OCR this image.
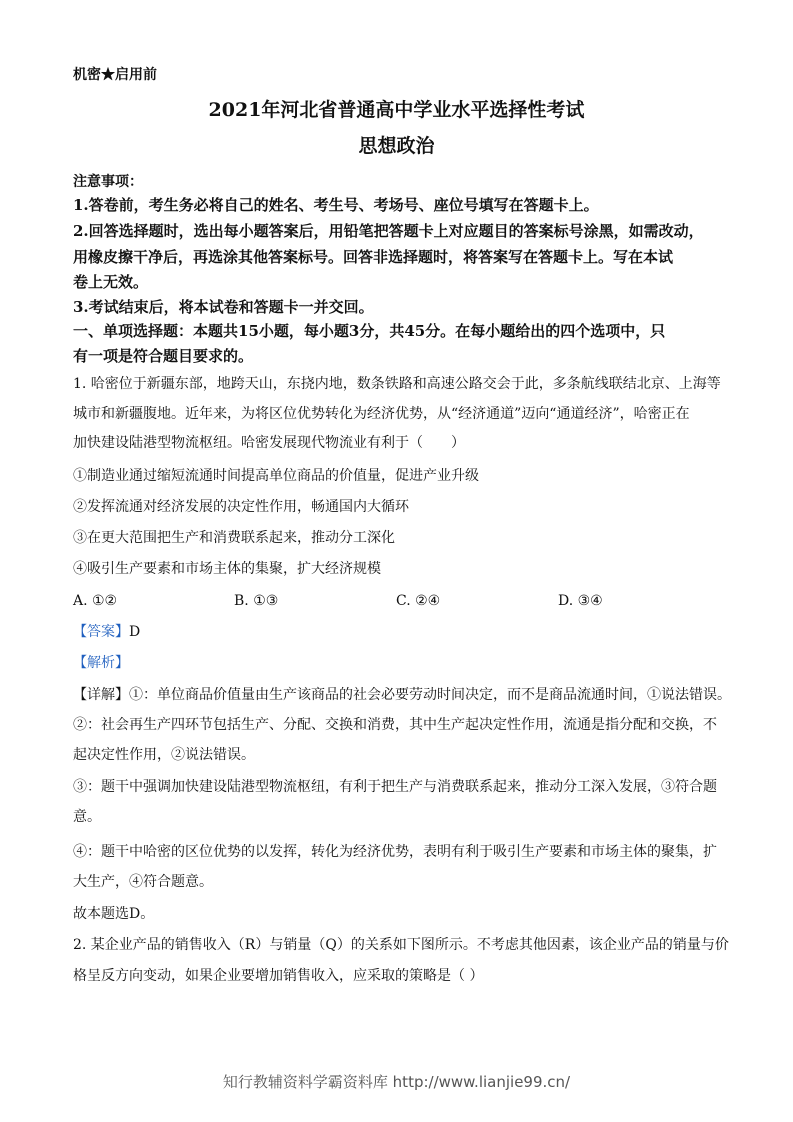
机密★启用前
2021年河北省普通高中学业水平选择性考试
思想政治
注意事项：
1.答卷前，考生务必将自己的姓名、考生号、考场号、座位号填写在答题卡上。
2.回答选择题时，选出每小题答案后，用铅笔把答题卡上对应题目的答案标号涂黑，如需改动，
用橡皮擦干净后，再选涂其他答案标号。回答非选择题时，将答案写在答题卡上。写在本试
卷上无效。
3.考试结束后，将本试卷和答题卡一并交回。
一、单项选择题：本题共15小题，每小题3分，共45分。在每小题给出的四个选项中，只
有一项是符合题目要求的。
1. 哈密位于新疆东部，地跨天山，东挠内地，数条铁路和高速公路交会于此，多条航线联结北京、上海等
城市和新疆腹地。近年来，为将区位优势转化为经济优势，从“经济通道”迈向“通道经济”，哈密正在
加快建设陆港型物流枢纽。哈密发展现代物流业有利于（　　）
①制造业通过缩短流通时间提高单位商品的价值量，促进产业升级
②发挥流通对经济发展的决定性作用，畅通国内大循环
③在更大范围把生产和消费联系起来，推动分工深化
④吸引生产要素和市场主体的集聚，扩大经济规模
A. ①②	B. ①③	C. ②④	D. ③④
【答案】D
【解析】
【详解】①：单位商品价值量由生产该商品的社会必要劳动时间决定，而不是商品流通时间，①说法错误。
②：社会再生产四环节包括生产、分配、交换和消费，其中生产起决定性作用，流通是指分配和交换，不
起决定性作用，②说法错误。
③：题干中强调加快建设陆港型物流枢纽，有利于把生产与消费联系起来，推动分工深入发展，③符合题
意。
④：题干中哈密的区位优势的以发挥，转化为经济优势，表明有利于吸引生产要素和市场主体的聚集，扩
大生产，④符合题意。
故本题选D。
2. 某企业产品的销售收入（R）与销量（Q）的关系如下图所示。不考虑其他因素，该企业产品的销量与价
格呈反方向变动，如果企业要增加销售收入，应采取的策略是（ ）
知行教辅资料学霸资料库 http://www.lianjie99.cn/
